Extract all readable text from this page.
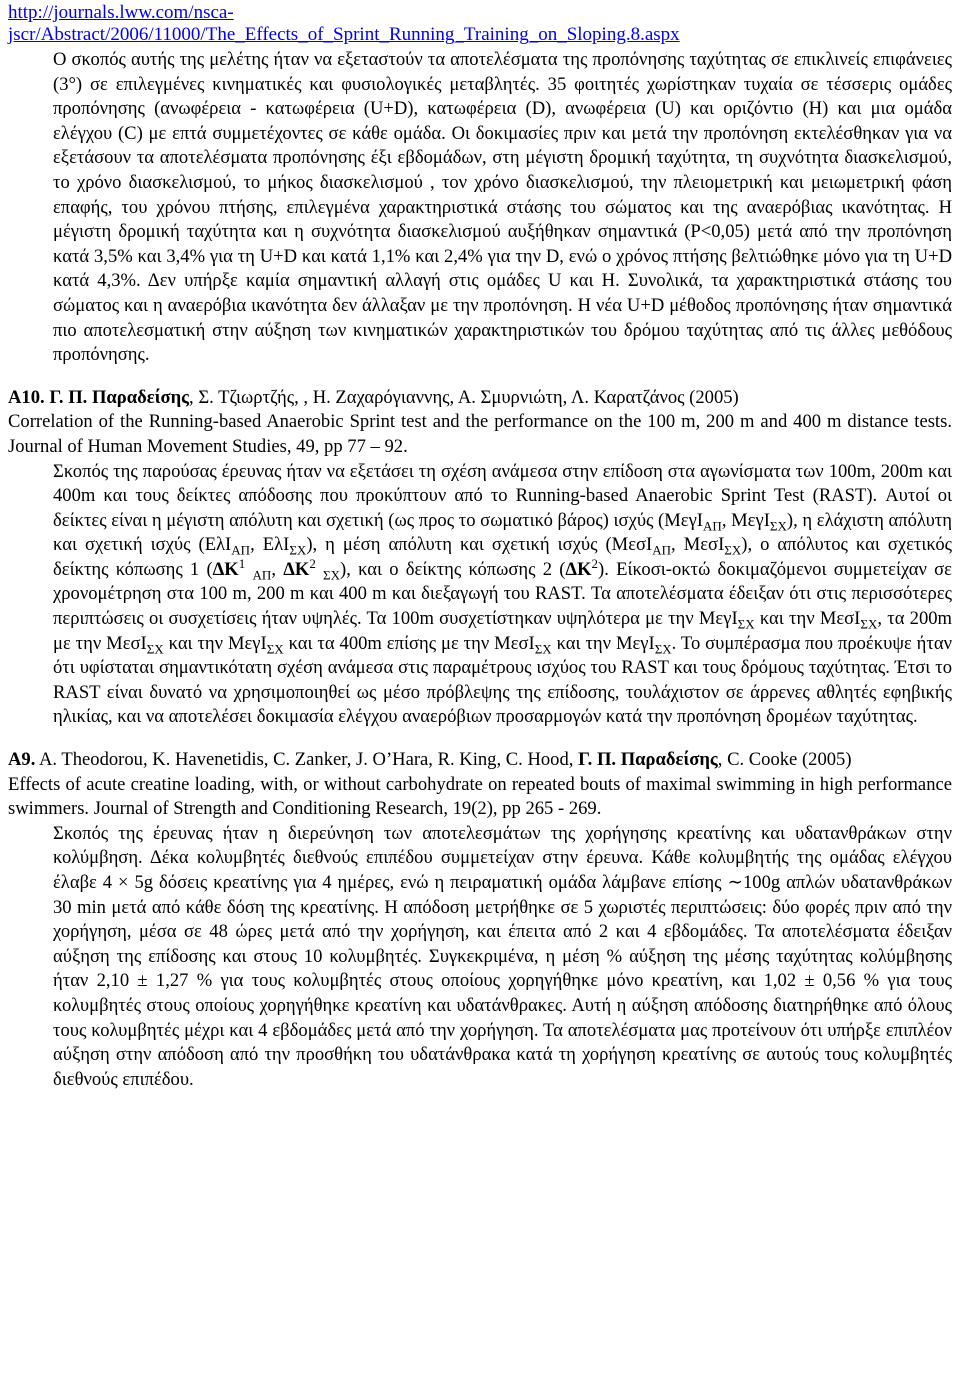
http://journals.lww.com/nsca-
jscr/Abstract/2006/11000/The_Effects_of_Sprint_Running_Training_on_Sloping.8.aspx
Ο σκοπός αυτής της μελέτης ήταν να εξεταστούν τα αποτελέσματα της προπόνησης ταχύτητας σε επικλινείς επιφάνειες (3°) σε επιλεγμένες κινηματικές και φυσιολογικές μεταβλητές. 35 φοιτητές χωρίστηκαν τυχαία σε τέσσερις ομάδες προπόνησης (ανωφέρεια - κατωφέρεια (U+D), κατωφέρεια (D), ανωφέρεια (U) και οριζόντιο (H) και μια ομάδα ελέγχου (C) με επτά συμμετέχοντες σε κάθε ομάδα. Οι δοκιμασίες πριν και μετά την προπόνηση εκτελέσθηκαν για να εξετάσουν τα αποτελέσματα προπόνησης έξι εβδομάδων, στη μέγιστη δρομική ταχύτητα, τη συχνότητα διασκελισμού, το χρόνο διασκελισμού, το μήκος διασκελισμού , τον χρόνο διασκελισμού, την πλειομετρική και μειωμετρική φάση επαφής, του χρόνου πτήσης, επιλεγμένα χαρακτηριστικά στάσης του σώματος και της αναερόβιας ικανότητας. Η μέγιστη δρομική ταχύτητα και η συχνότητα διασκελισμού αυξήθηκαν σημαντικά (P<0,05) μετά από την προπόνηση κατά 3,5% και 3,4% για τη U+D και κατά 1,1% και 2,4% για την D, ενώ ο χρόνος πτήσης βελτιώθηκε μόνο για τη U+D κατά 4,3%. Δεν υπήρξε καμία σημαντική αλλαγή στις ομάδες U και H. Συνολικά, τα χαρακτηριστικά στάσης του σώματος και η αναερόβια ικανότητα δεν άλλαξαν με την προπόνηση. Η νέα U+D μέθοδος προπόνησης ήταν σημαντικά πιο αποτελεσματική στην αύξηση των κινηματικών χαρακτηριστικών του δρόμου ταχύτητας από τις άλλες μεθόδους προπόνησης.
A10. Γ. Π. Παραδείσης, Σ. Τζιωρτζής, , Η. Ζαχαρόγιαννης, Α. Σμυρνιώτη, Λ. Καρατζάνος (2005)
Correlation of the Running-based Anaerobic Sprint test and the performance on the 100 m, 200 m and 400 m distance tests. Journal of Human Movement Studies, 49, pp 77 – 92.
Σκοπός της παρούσας έρευνας ήταν να εξετάσει τη σχέση ανάμεσα στην επίδοση στα αγωνίσματα των 100m, 200m και 400m και τους δείκτες απόδοσης που προκύπτουν από το Running-based Anaerobic Sprint Test (RAST). Αυτοί οι δείκτες είναι η μέγιστη απόλυτη και σχετική (ως προς το σωματικό βάρος) ισχύς (ΜεγΙ$_{A\Pi}$, ΜεγΙ$_{\Sigma X}$), η ελάχιστη απόλυτη και σχετική ισχύς (ΕλΙ$_{A\Pi}$, ΕλΙ$_{\Sigma X}$), η μέση απόλυτη και σχετική ισχύς (ΜεσΙ$_{A\Pi}$, ΜεσΙ$_{\Sigma X}$), ο απόλυτος και σχετικός δείκτης κόπωσης 1 ($\Delta K^1$ $_{A\Pi}$, $\Delta K^2$ $_{\Sigma X}$), και ο δείκτης κόπωσης 2 $(\Delta K^2)$. Είκοσι-οκτώ δοκιμαζόμενοι συμμετείχαν σε χρονομέτρηση στα 100 m, 200 m και 400 m και διεξαγωγή του RAST. Τα αποτελέσματα έδειξαν ότι στις περισσότερες περιπτώσεις οι συσχετίσεις ήταν υψηλές. Τα 100m συσχετίστηκαν υψηλότερα με την ΜεγΙ$_{\Sigma X}$ και την ΜεσΙ$_{\Sigma X}$, τα 200m με την ΜεσΙ$_{\Sigma X}$ και την ΜεγΙ$_{\Sigma X}$ και τα 400m επίσης με την ΜεσΙ$_{\Sigma X}$ και την ΜεγΙ$_{\Sigma X}$. Το συμπέρασμα που προέκυψε ήταν ότι υφίσταται σημαντικότατη σχέση ανάμεσα στις παραμέτρους ισχύος του RAST και τους δρόμους ταχύτητας. Έτσι το RAST είναι δυνατό να χρησιμοποιηθεί ως μέσο πρόβλεψης της επίδοσης, τουλάχιστον σε άρρενες αθλητές εφηβικής ηλικίας, και να αποτελέσει δοκιμασία ελέγχου αναερόβιων προσαρμογών κατά την προπόνηση δρομέων ταχύτητας.
A9. A. Theodorou, K. Havenetidis, C. Zanker, J. O’Hara, R. King, C. Hood, Γ. Π. Παραδείσης, C. Cooke (2005)
Effects of acute creatine loading, with, or without carbohydrate on repeated bouts of maximal swimming in high performance swimmers. Journal of Strength and Conditioning Research, 19(2), pp 265 - 269.
Σκοπός της έρευνας ήταν η διερεύνηση των αποτελεσμάτων της χορήγησης κρεατίνης και υδατανθράκων στην κολύμβηση. Δέκα κολυμβητές διεθνούς επιπέδου συμμετείχαν στην έρευνα. Κάθε κολυμβητής της ομάδας ελέγχου έλαβε 4 × 5g δόσεις κρεατίνης για 4 ημέρες, ενώ η πειραματική ομάδα λάμβανε επίσης ∼100g απλών υδατανθράκων 30 min μετά από κάθε δόση της κρεατίνης. Η απόδοση μετρήθηκε σε 5 χωριστές περιπτώσεις: δύο φορές πριν από την χορήγηση, μέσα σε 48 ώρες μετά από την χορήγηση, και έπειτα από 2 και 4 εβδομάδες. Τα αποτελέσματα έδειξαν αύξηση της επίδοσης και στους 10 κολυμβητές. Συγκεκριμένα, η μέση % αύξηση της μέσης ταχύτητας κολύμβησης ήταν 2,10 ± 1,27 % για τους κολυμβητές στους οποίους χορηγήθηκε μόνο κρεατίνη, και 1,02 ± 0,56 % για τους κολυμβητές στους οποίους χορηγήθηκε κρεατίνη και υδατάνθρακες. Αυτή η αύξηση απόδοσης διατηρήθηκε από όλους τους κολυμβητές μέχρι και 4 εβδομάδες μετά από την χορήγηση. Τα αποτελέσματα μας προτείνουν ότι υπήρξε επιπλέον αύξηση στην απόδοση από την προσθήκη του υδατάνθρακα κατά τη χορήγηση κρεατίνης σε αυτούς τους κολυμβητές διεθνούς επιπέδου.
